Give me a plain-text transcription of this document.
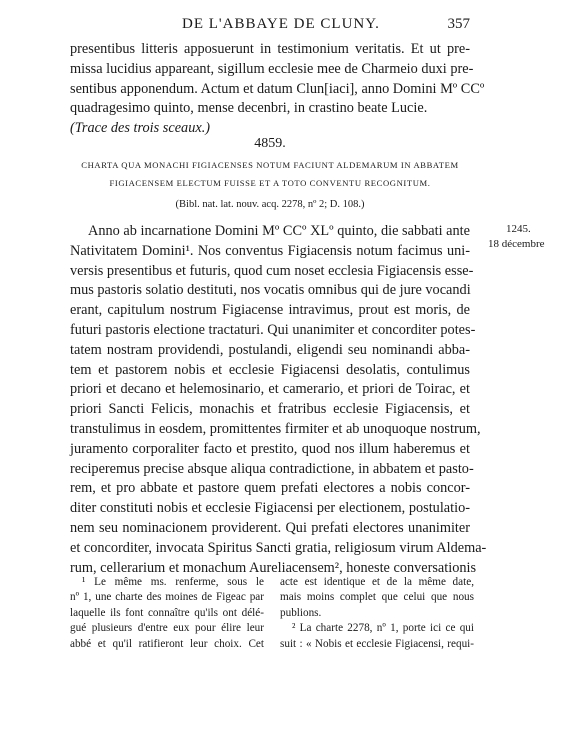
DE L'ABBAYE DE CLUNY.	357
presentibus litteris apposuerunt in testimonium veritatis. Et ut pre-
missa lucidius appareant, sigillum ecclesie mee de Charmeio duxi pre-
sentibus apponendum. Actum et datum Clun[iaci], anno Domini Mº CCº
quadragesimo quinto, mense decenbri, in crastino beate Lucie.
(Trace des trois sceaux.)
4859.
CHARTA QUA MONACHI FIGIACENSES NOTUM FACIUNT ALDEMARUM IN ABBATEM
FIGIACENSEM ELECTUM FUISSE ET A TOTO CONVENTU RECOGNITUM.
(Bibl. nat. lat. nouv. acq. 2278, nº 2; D. 108.)
1245.
18 décembre
Anno ab incarnatione Domini Mº CCº XLº quinto, die sabbati ante
Nativitatem Domini¹. Nos conventus Figiacensis notum facimus uni-
versis presentibus et futuris, quod cum noset ecclesia Figiacensis esse-
mus pastoris solatio destituti, nos vocatis omnibus qui de jure vocandi
erant, capitulum nostrum Figiacense intravimus, prout est moris, de
futuri pastoris electione tractaturi. Qui unanimiter et concorditer potes-
tatem nostram providendi, postulandi, eligendi seu nominandi abba-
tem et pastorem nobis et ecclesie Figiacensi desolatis, contulimus
priori et decano et helemosinario, et camerario, et priori de Toirac, et
priori Sancti Felicis, monachis et fratribus ecclesie Figiacensis, et
transtulimus in eosdem, promittentes firmiter et ab unoquoque nostrum,
juramento corporaliter facto et prestito, quod nos illum haberemus et
reciperemus precise absque aliqua contradictione, in abbatem et pasto-
rem, et pro abbate et pastore quem prefati electores a nobis concor-
diter constituti nobis et ecclesie Figiacensi per electionem, postulatio-
nem seu nominacionem providerent. Qui prefati electores unanimiter
et concorditer, invocata Spiritus Sancti gratia, religiosum virum Aldema-
rum, cellerarium et monachum Aureliacensem², honeste conversationis
¹ Le même ms. renferme, sous le
nº 1, une charte des moines de Figeac par
laquelle ils font connaître qu'ils ont délé-
gué plusieurs d'entre eux pour élire leur
abbé et qu'il ratifieront leur choix. Cet
acte est identique et de la même date,
mais moins complet que celui que nous
publions.
² La charte 2278, nº 1, porte ici ce qui
suit : « Nobis et ecclesie Figiacensi, requi-
